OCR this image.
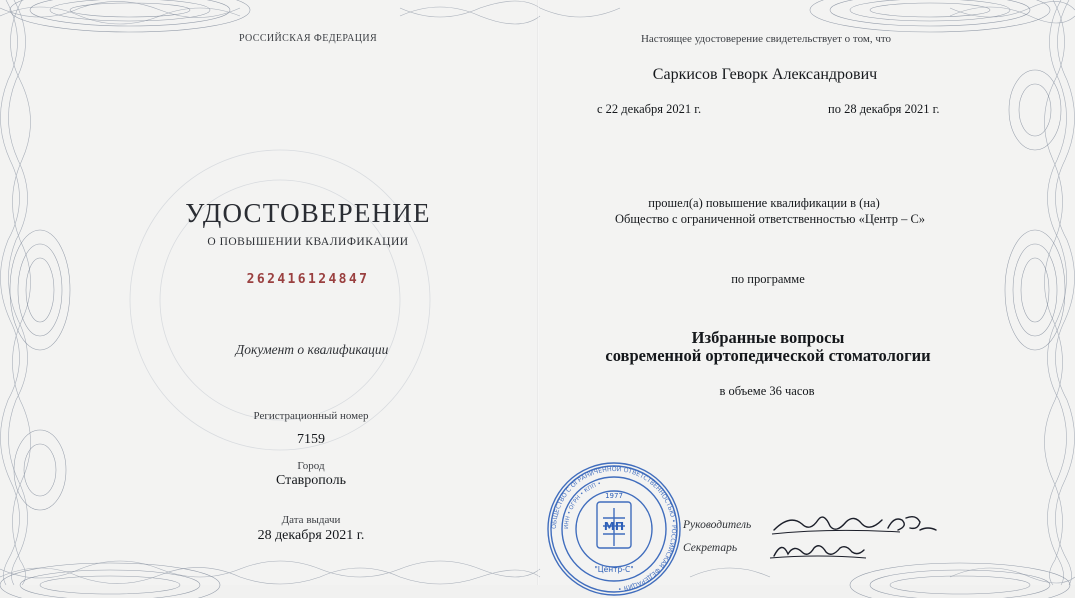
РОССИЙСКАЯ ФЕДЕРАЦИЯ
УДОСТОВЕРЕНИЕ
О ПОВЫШЕНИИ КВАЛИФИКАЦИИ
262416124847
Документ о квалификации
Регистрационный номер
7159
Город
Ставрополь
Дата выдачи
28 декабря 2021 г.
Настоящее удостоверение свидетельствует о том, что
Саркисов Геворк Александрович
с 22 декабря 2021 г.	по 28 декабря 2021 г.
прошел(а) повышение квалификации в (на)
Общество с ограниченной ответственностью «Центр – С»
по программе
Избранные вопросы
современной ортопедической стоматологии
в объеме 36 часов
ОБЩЕСТВО С ОГРАНИЧЕННОЙ ОТВЕТСТВЕННОСТЬЮ • РОССИЙСКАЯ ФЕДЕРАЦИЯ •
ИНН • ОГРН • КПП •
1977
МП
"Центр-С"
Руководитель
Секретарь
